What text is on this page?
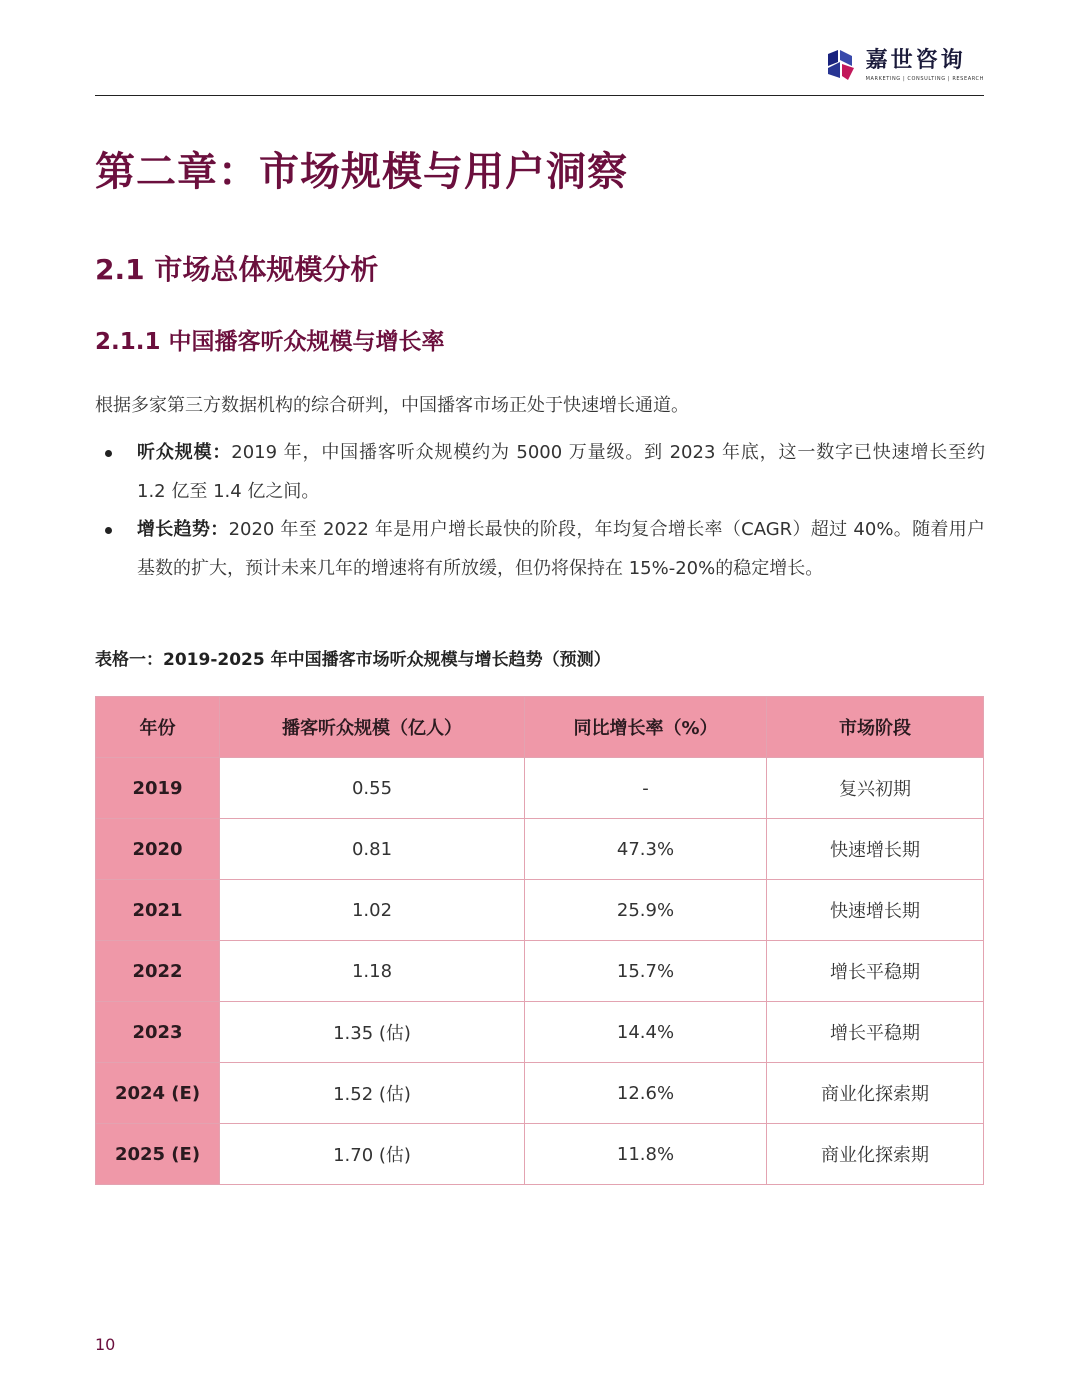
嘉世咨询
MARKETING | CONSULTING | RESEARCH
第二章：市场规模与用户洞察
2.1 市场总体规模分析
2.1.1 中国播客听众规模与增长率

根据多家第三方数据机构的综合研判，中国播客市场正处于快速增长通道。

听众规模：2019 年，中国播客听众规模约为 5000 万量级。到 2023 年底，这一数字已快速增长至约 1.2 亿至 1.4 亿之间。
增长趋势：2020 年至 2022 年是用户增长最快的阶段，年均复合增长率（CAGR）超过 40%。随着用户基数的扩大，预计未来几年的增速将有所放缓，但仍将保持在 15%-20%的稳定增长。

表格一：2019-2025 年中国播客市场听众规模与增长趋势（预测）

年份	播客听众规模（亿人）	同比增长率（%）	市场阶段
2019	0.55	-	复兴初期
2020	0.81	47.3%	快速增长期
2021	1.02	25.9%	快速增长期
2022	1.18	15.7%	增长平稳期
2023	1.35 (估)	14.4%	增长平稳期
2024 (E)	1.52 (估)	12.6%	商业化探索期
2025 (E)	1.70 (估)	11.8%	商业化探索期
10
